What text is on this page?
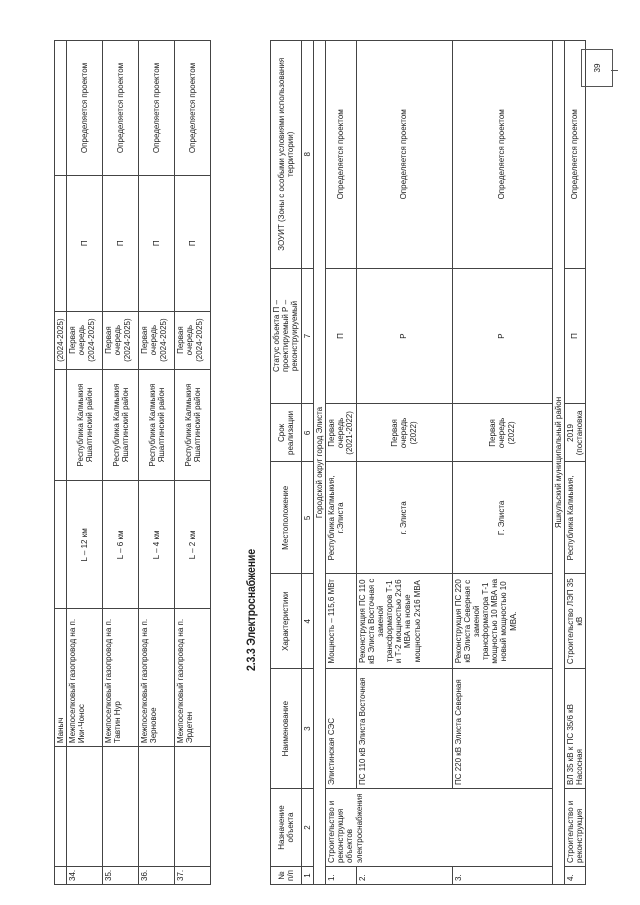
		Маныч			(2024-2025)		
34.		Межпоселковый газопровод на п. Ики-Чонос	L – 12 км	Республика Калмыкия Яшалтинский район	Первая очередь (2024-2025)	П	Определяется проектом
35.		Межпоселковый газопровод на п. Тавтин Нур	L – 6 км	Республика Калмыкия Яшалтинский район	Первая очередь (2024-2025)	П	Определяется проектом
36.		Межпоселковый газопровод на п. Зерновое	L – 4 км	Республика Калмыкия Яшалтинский район	Первая очередь (2024-2025)	П	Определяется проектом
37.		Межпоселковый газопровод на п. Эрдетен	L – 2 км	Республика Калмыкия Яшалтинский район	Первая очередь (2024-2025)	П	Определяется проектом
2.3.3 Электроснабжение
№ п/п	Назначение объекта	Наименование	Характеристики	Местоположение	Срок реализации	Статус объекта П – проектируемый Р – реконструируемый	ЗОУИТ (Зоны с особыми условиями использования территории)
1	2	3	4	5	6	7	8
Городской округ город Элиста							
1.	Строительство и реконструкция объектов электроснабжения	Элистинская СЭС	Мощность – 115,6 МВт	Республика Калмыкия, г.Элиста	Первая очередь (2021-2022)	П	Определяется проектом
2.		ПС 110 кВ Элиста Восточная	Реконструкция ПС 110 кВ Элиста Восточная с заменой трансформаторов Т-1 и Т-2 мощностью 2х16 МВА на новые мощностью 2х16 МВА	г. Элиста	Первая очередь (2022)	Р	Определяется проектом
3.		ПС 220 кВ Элиста Северная	Реконструкция ПС 220 кВ Элиста Северная с заменой трансформатора Т-1 мощностью 10 МВА на новый мощностью 10 МВА.	Г. Элиста	Первая очередь (2022)	Р	Определяется проектом
Яшкульский муниципальный район							
4.	Строительство и реконструкция	ВЛ 35 кВ к ПС 35/6 кВ Насосная	Строительство ЛЭП 35 кВ	Республика Калмыкия,	2019 (постановка	П	Определяется проектом
39
